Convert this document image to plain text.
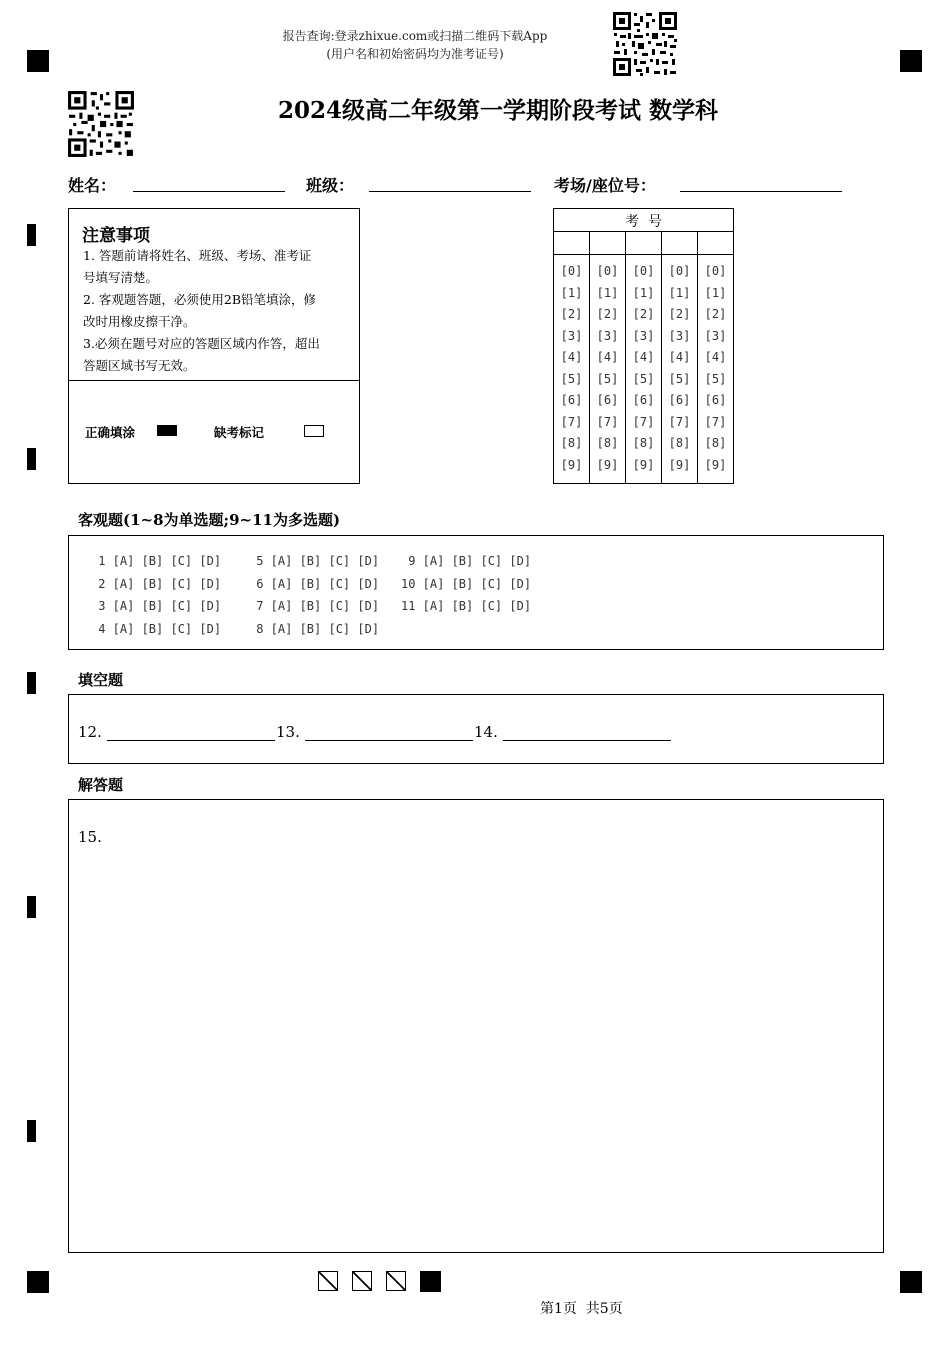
报告查询:登录zhixue.com或扫描二维码下载App
(用户名和初始密码均为准考证号)
2024级高二年级第一学期阶段考试 数学科
姓名：	班级：	考场/座位号：
注意事项
1. 答题前请将姓名、班级、考场、准考证
号填写清楚。
2. 客观题答题，必须使用2B铅笔填涂，修
改时用橡皮擦干净。
3.必须在题号对应的答题区域内作答，超出
答题区域书写无效。
正确填涂	缺考标记
考  号
[0]	[0]	[0]	[0]	[0]
[1]	[1]	[1]	[1]	[1]
[2]	[2]	[2]	[2]	[2]
[3]	[3]	[3]	[3]	[3]
[4]	[4]	[4]	[4]	[4]
[5]	[5]	[5]	[5]	[5]
[6]	[6]	[6]	[6]	[6]
[7]	[7]	[7]	[7]	[7]
[8]	[8]	[8]	[8]	[8]
[9]	[9]	[9]	[9]	[9]
客观题(1~8为单选题;9~11为多选题)
1 [A] [B] [C] [D]
2 [A] [B] [C] [D]
3 [A] [B] [C] [D]
4 [A] [B] [C] [D]
5 [A] [B] [C] [D]
6 [A] [B] [C] [D]
7 [A] [B] [C] [D]
8 [A] [B] [C] [D]
9 [A] [B] [C] [D]
10 [A] [B] [C] [D]
11 [A] [B] [C] [D]
填空题
12.	13.	14.
解答题
15.
第1页  共5页
